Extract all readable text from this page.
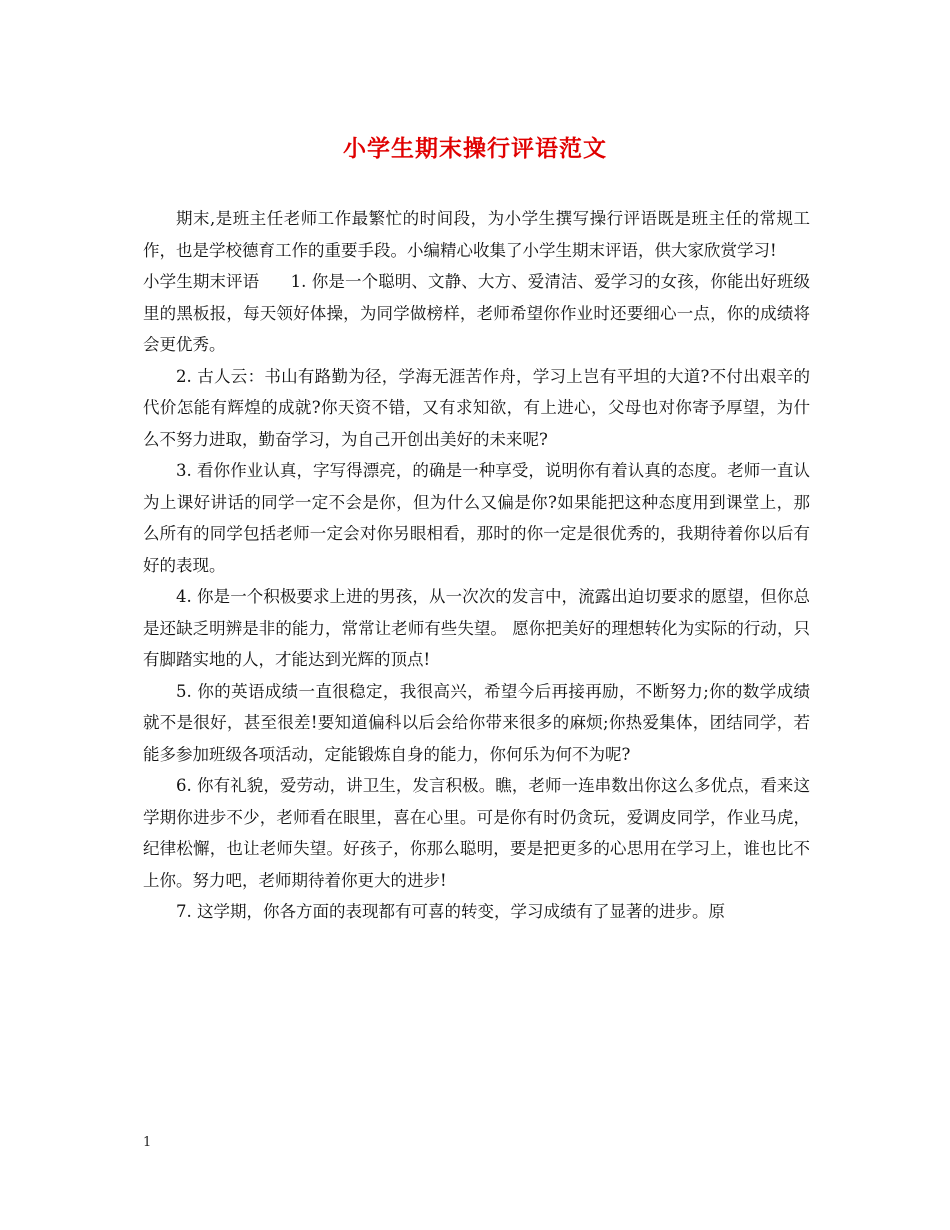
小学生期末操行评语范文

期末,是班主任老师工作最繁忙的时间段，为小学生撰写操行评语既是班主任的常规工作，也是学校德育工作的重要手段。小编精心收集了小学生期末评语，供大家欣赏学习!

小学生期末评语 1. 你是一个聪明、文静、大方、爱清洁、爱学习的女孩，你能出好班级里的黑板报，每天领好体操，为同学做榜样，老师希望你作业时还要细心一点，你的成绩将会更优秀。

2. 古人云：书山有路勤为径，学海无涯苦作舟，学习上岂有平坦的大道?不付出艰辛的代价怎能有辉煌的成就?你天资不错，又有求知欲，有上进心，父母也对你寄予厚望，为什么不努力进取，勤奋学习，为自己开创出美好的未来呢?

3. 看你作业认真，字写得漂亮，的确是一种享受，说明你有着认真的态度。老师一直认为上课好讲话的同学一定不会是你，但为什么又偏是你?如果能把这种态度用到课堂上，那么所有的同学包括老师一定会对你另眼相看，那时的你一定是很优秀的，我期待着你以后有好的表现。

4. 你是一个积极要求上进的男孩，从一次次的发言中，流露出迫切要求的愿望，但你总是还缺乏明辨是非的能力，常常让老师有些失望。 愿你把美好的理想转化为实际的行动，只有脚踏实地的人，才能达到光辉的顶点!

5. 你的英语成绩一直很稳定，我很高兴，希望今后再接再励，不断努力;你的数学成绩就不是很好，甚至很差!要知道偏科以后会给你带来很多的麻烦;你热爱集体，团结同学，若能多参加班级各项活动，定能锻炼自身的能力，你何乐为何不为呢?

6. 你有礼貌，爱劳动，讲卫生，发言积极。瞧，老师一连串数出你这么多优点，看来这学期你进步不少，老师看在眼里，喜在心里。可是你有时仍贪玩，爱调皮同学，作业马虎，纪律松懈，也让老师失望。好孩子，你那么聪明，要是把更多的心思用在学习上，谁也比不上你。努力吧，老师期待着你更大的进步!

7. 这学期，你各方面的表现都有可喜的转变，学习成绩有了显著的进步。原

1
